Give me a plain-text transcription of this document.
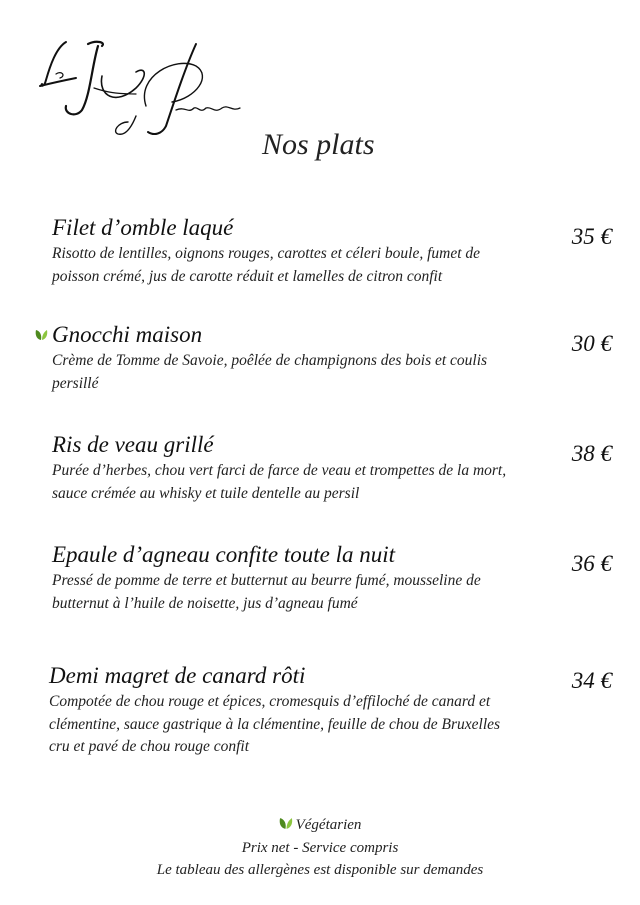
Nos plats
Filet d’omble laqué
Risotto de lentilles, oignons rouges, carottes et céleri boule, fumet de poisson crémé, jus de carotte réduit et lamelles de citron confit
35 €
Gnocchi maison
Crème de Tomme de Savoie, poêlée de champignons des bois et coulis persillé
30 €
Ris de veau grillé
Purée d’herbes, chou vert farci de farce de veau et trompettes de la mort, sauce crémée au whisky et tuile dentelle au persil
38 €
Epaule d’agneau confite toute la nuit
Pressé de pomme de terre et butternut au beurre fumé, mousseline de butternut à l’huile de noisette, jus d’agneau fumé
36 €
Demi magret de canard rôti
Compotée de chou rouge et épices, cromesquis d’effiloché de canard et clémentine, sauce gastrique à la clémentine, feuille de chou de Bruxelles cru et pavé de chou rouge confit
34 €
Végétarien
Prix net - Service compris
Le tableau des allergènes est disponible sur demandes
